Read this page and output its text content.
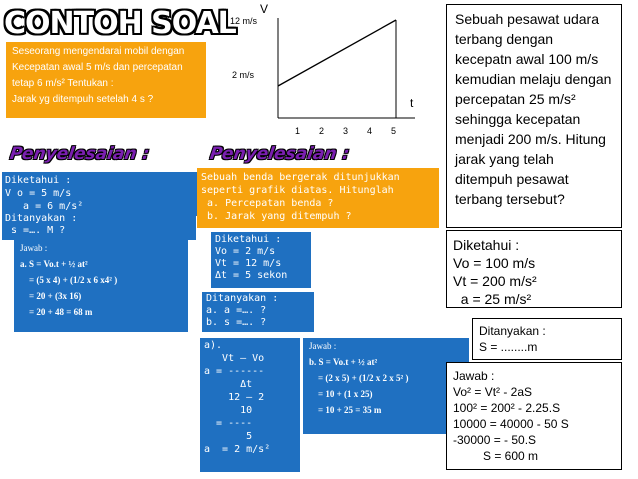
CONTOH SOAL
Seseorang mengendarai mobil dengan
Kecepatan awal 5 m/s dan percepatan
tetap 6 m/s² Tentukan :
Jarak yg ditempuh setelah 4 s ?
Penyelesaian :	Penyelesaian :
Diketahui :
V o = 5 m/s
a = 6 m/s²
Ditanyakan :
s =…. M ?
Jawab :
a. S = Vo.t + ½ at²
= (5 x 4) + (1/2 x 6 x4² )
= 20 + (3x 16)
= 20 + 48 = 68 m
V
12 m/s
2 m/s
t
1 2 3 4 5
Sebuah benda bergerak ditunjukkan
seperti grafik diatas. Hitunglah
a. Percepatan benda ?
b. Jarak yang ditempuh ?
Diketahui :
Vo = 2 m/s
Vt = 12 m/s
Δt = 5 sekon
Ditanyakan :
a. a =…. ?
b. s =…. ?
a).
Vt – Vo
a = ------
Δt
12 – 2
10
= ----
5
a  = 2 m/s²
Jawab :
b. S = Vo.t + ½ at²
= (2 x 5) + (1/2 x 2 x 5² )
= 10 + (1 x 25)
= 10 + 25 = 35 m
Sebuah pesawat udara terbang dengan kecepatn awal 100 m/s kemudian melaju dengan percepatan 25 m/s² sehingga kecepatan menjadi 200 m/s. Hitung jarak yang telah ditempuh pesawat terbang tersebut?
Diketahui :
Vo = 100 m/s
Vt = 200 m/s²
a = 25 m/s²
Ditanyakan :
S = ........m
Jawab :
Vo² = Vt² - 2aS
100² = 200² - 2.25.S
10000 = 40000 - 50 S
-30000 = - 50.S
S = 600 m
